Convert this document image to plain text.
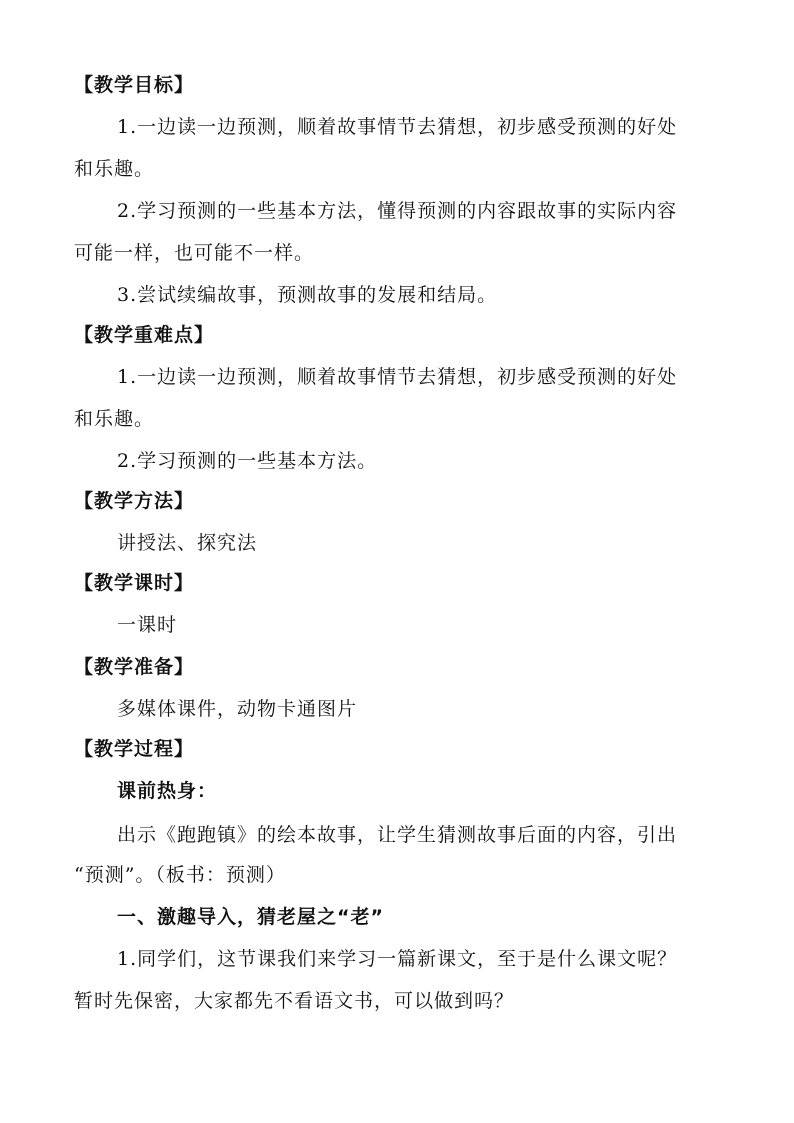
【教学目标】
1.一边读一边预测，顺着故事情节去猜想，初步感受预测的好处
和乐趣。
2.学习预测的一些基本方法，懂得预测的内容跟故事的实际内容
可能一样，也可能不一样。
3.尝试续编故事，预测故事的发展和结局。
【教学重难点】
1.一边读一边预测，顺着故事情节去猜想，初步感受预测的好处
和乐趣。
2.学习预测的一些基本方法。
【教学方法】
讲授法、探究法
【教学课时】
一课时
【教学准备】
多媒体课件，动物卡通图片
【教学过程】
课前热身：
出示《跑跑镇》的绘本故事，让学生猜测故事后面的内容，引出
“预测”。（板书：预测）
一、激趣导入，猜老屋之“老”
1.同学们，这节课我们来学习一篇新课文，至于是什么课文呢？
暂时先保密，大家都先不看语文书，可以做到吗？
